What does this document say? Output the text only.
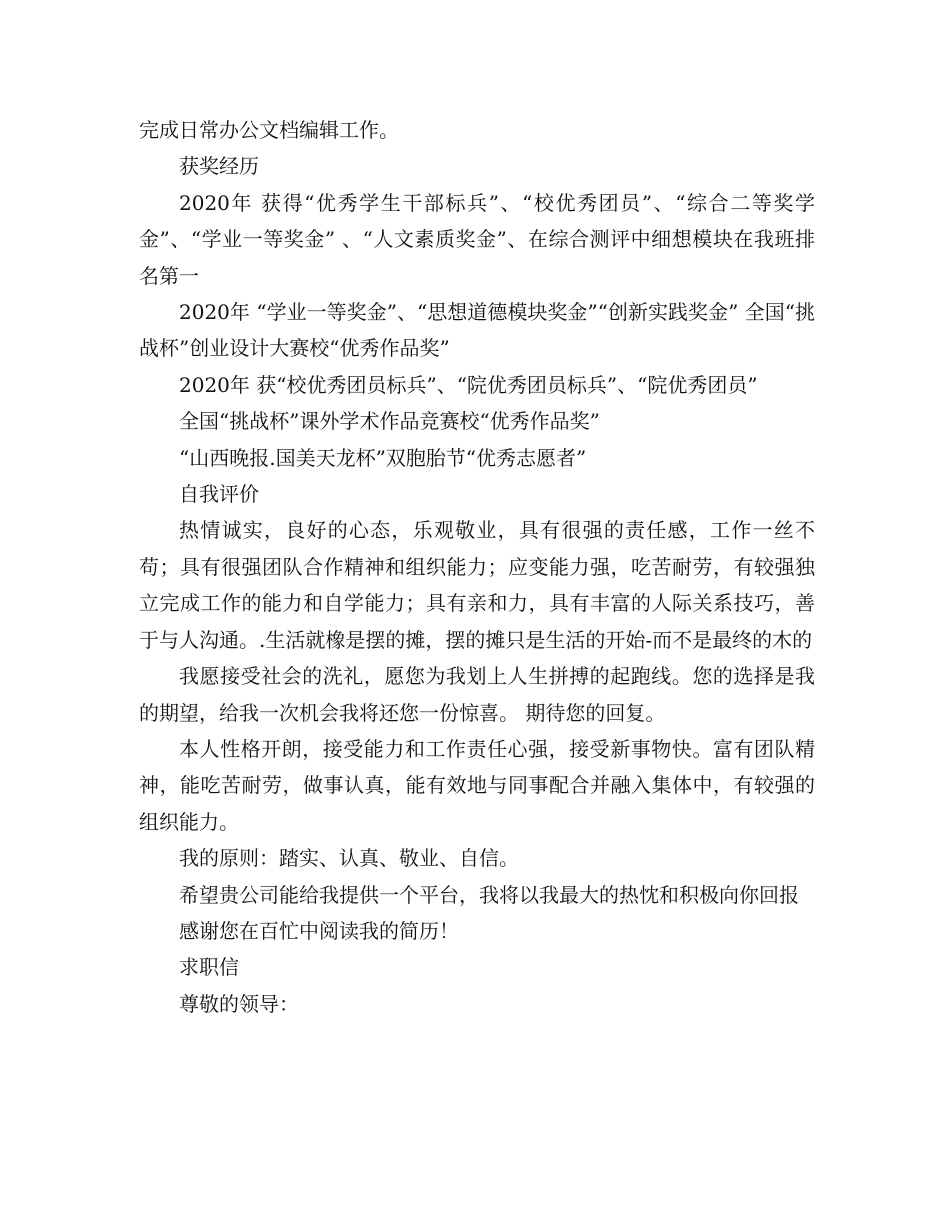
完成日常办公文档编辑工作。

获奖经历

2020年 获得“优秀学生干部标兵”、“校优秀团员”、“综合二等奖学金”、“学业一等奖金” 、“人文素质奖金”、在综合测评中细想模块在我班排名第一

2020年 “学业一等奖金”、“思想道德模块奖金”“创新实践奖金” 全国“挑战杯”创业设计大赛校“优秀作品奖”

2020年 获“校优秀团员标兵”、“院优秀团员标兵”、“院优秀团员”

全国“挑战杯”课外学术作品竞赛校“优秀作品奖”

“山西晚报.国美天龙杯”双胞胎节“优秀志愿者”

自我评价

热情诚实，良好的心态，乐观敬业，具有很强的责任感，工作一丝不苟；具有很强团队合作精神和组织能力；应变能力强，吃苦耐劳，有较强独立完成工作的能力和自学能力；具有亲和力，具有丰富的人际关系技巧，善于与人沟通。.生活就橡是摆的摊，摆的摊只是生活的开始-而不是最终的木的

我愿接受社会的洗礼，愿您为我划上人生拼搏的起跑线。您的选择是我的期望，给我一次机会我将还您一份惊喜。 期待您的回复。

本人性格开朗，接受能力和工作责任心强，接受新事物快。富有团队精神，能吃苦耐劳，做事认真，能有效地与同事配合并融入集体中，有较强的组织能力。

我的原则：踏实、认真、敬业、自信。

希望贵公司能给我提供一个平台，我将以我最大的热忱和积极向你回报

感谢您在百忙中阅读我的简历！

求职信

尊敬的领导：
